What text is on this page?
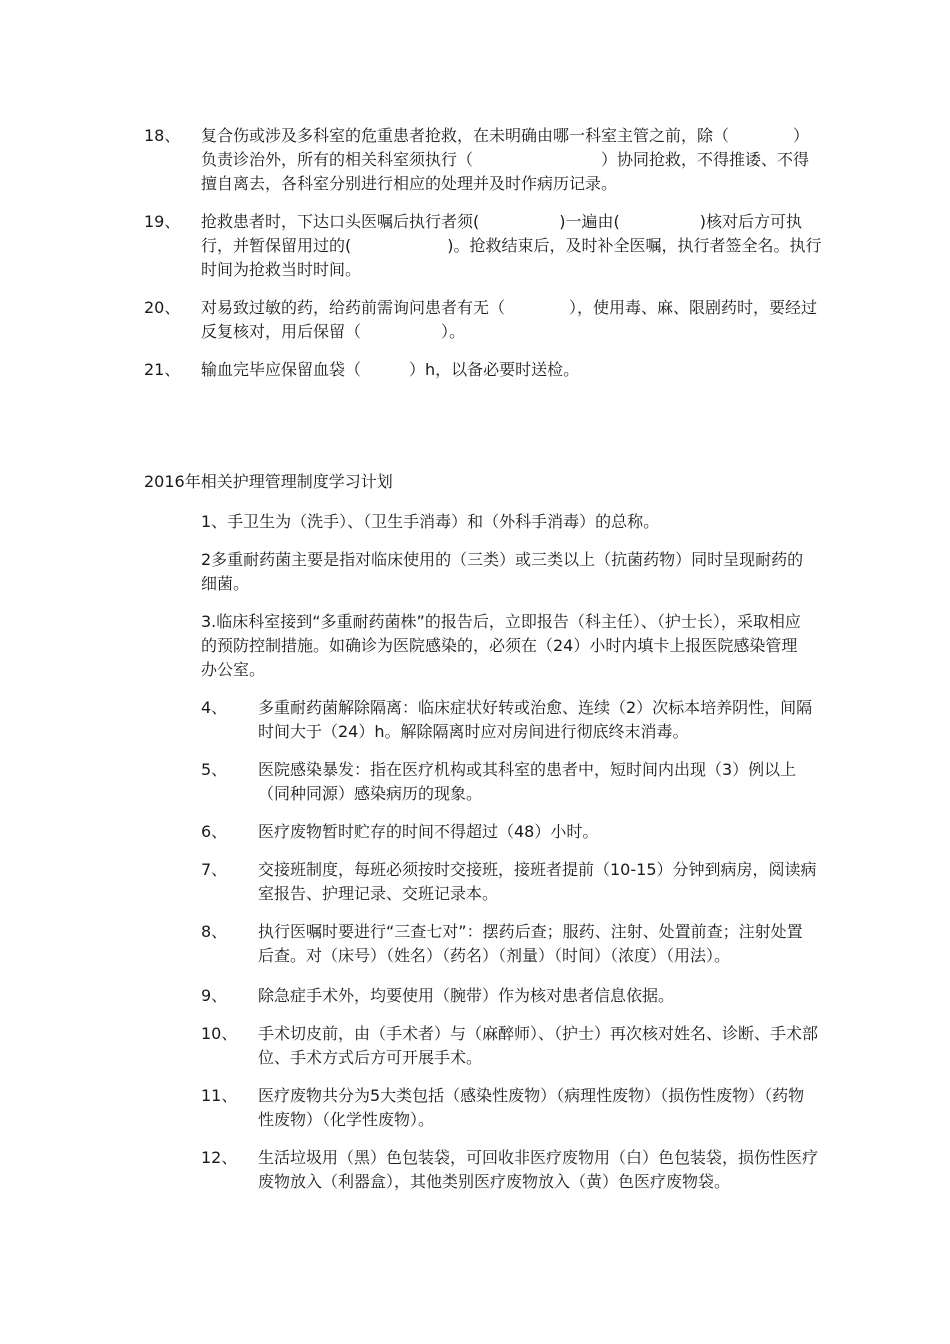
18、	复合伤或涉及多科室的危重患者抢救，在未明确由哪一科室主管之前，除（　　　　）负责诊治外，所有的相关科室须执行（　　　　　　　　）协同抢救，不得推诿、不得擅自离去，各科室分别进行相应的处理并及时作病历记录。
19、	抢救患者时，下达口头医嘱后执行者须(　　　　　)一遍由(　　　　　)核对后方可执行，并暂保留用过的(　　　　　　)。抢救结束后，及时补全医嘱，执行者签全名。执行时间为抢救当时时间。
20、	对易致过敏的药，给药前需询问患者有无（　　　　），使用毒、麻、限剧药时，要经过反复核对，用后保留（　　　　　）。
21、	输血完毕应保留血袋（　　　）h，以备必要时送检。
2016年相关护理管理制度学习计划
1、手卫生为（洗手）、（卫生手消毒）和（外科手消毒）的总称。
2多重耐药菌主要是指对临床使用的（三类）或三类以上（抗菌药物）同时呈现耐药的细菌。
3.临床科室接到“多重耐药菌株”的报告后，立即报告（科主任）、（护士长），采取相应的预防控制措施。如确诊为医院感染的，必须在（24）小时内填卡上报医院感染管理办公室。
4、	多重耐药菌解除隔离：临床症状好转或治愈、连续（2）次标本培养阴性，间隔时间大于（24）h。解除隔离时应对房间进行彻底终末消毒。
5、	医院感染暴发：指在医疗机构或其科室的患者中，短时间内出现（3）例以上（同种同源）感染病历的现象。
6、	医疗废物暂时贮存的时间不得超过（48）小时。
7、	交接班制度，每班必须按时交接班，接班者提前（10-15）分钟到病房，阅读病室报告、护理记录、交班记录本。
8、	执行医嘱时要进行“三查七对”：摆药后查；服药、注射、处置前查；注射处置后查。对（床号）（姓名）（药名）（剂量）（时间）（浓度）（用法）。
9、	除急症手术外，均要使用（腕带）作为核对患者信息依据。
10、	手术切皮前，由（手术者）与（麻醉师）、（护士）再次核对姓名、诊断、手术部位、手术方式后方可开展手术。
11、	医疗废物共分为5大类包括（感染性废物）（病理性废物）（损伤性废物）（药物性废物）（化学性废物）。
12、	生活垃圾用（黑）色包装袋，可回收非医疗废物用（白）色包装袋，损伤性医疗废物放入（利器盒），其他类别医疗废物放入（黄）色医疗废物袋。
